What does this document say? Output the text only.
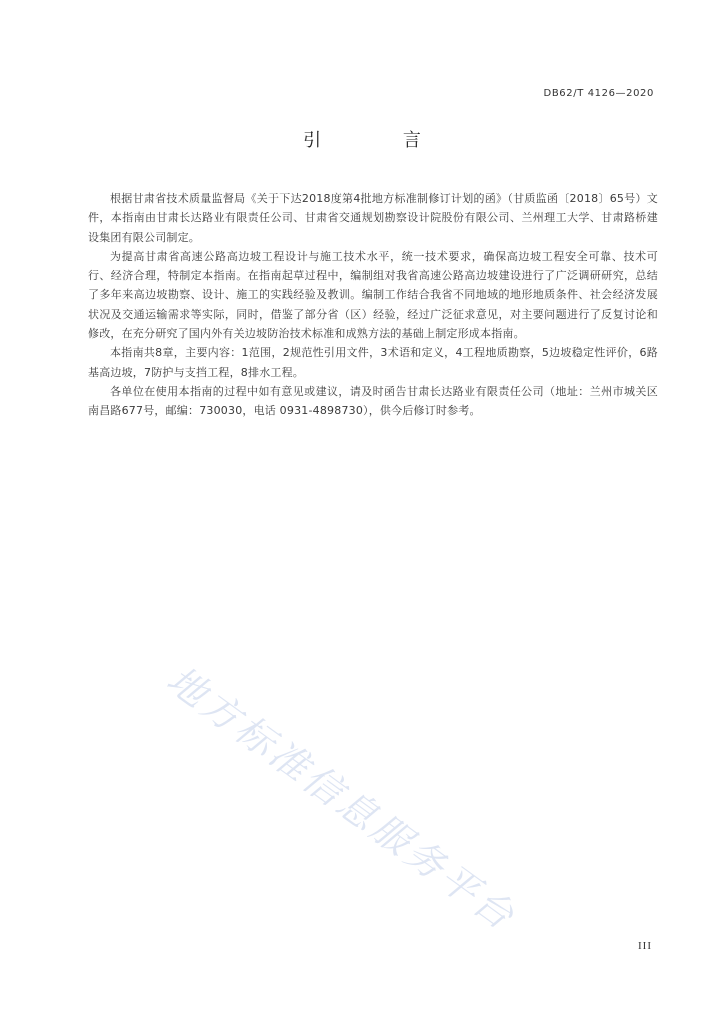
DB62/T 4126—2020
引 言

根据甘肃省技术质量监督局《关于下达2018度第4批地方标准制修订计划的函》（甘质监函〔2018〕65号）文件，本指南由甘肃长达路业有限责任公司、甘肃省交通规划勘察设计院股份有限公司、兰州理工大学、甘肃路桥建设集团有限公司制定。

为提高甘肃省高速公路高边坡工程设计与施工技术水平，统一技术要求，确保高边坡工程安全可靠、技术可行、经济合理，特制定本指南。在指南起草过程中，编制组对我省高速公路高边坡建设进行了广泛调研研究，总结了多年来高边坡勘察、设计、施工的实践经验及教训。编制工作结合我省不同地域的地形地质条件、社会经济发展状况及交通运输需求等实际，同时，借鉴了部分省（区）经验，经过广泛征求意见，对主要问题进行了反复讨论和修改，在充分研究了国内外有关边坡防治技术标准和成熟方法的基础上制定形成本指南。

本指南共8章，主要内容：1范围，2规范性引用文件，3术语和定义，4工程地质勘察，5边坡稳定性评价，6路基高边坡，7防护与支挡工程，8排水工程。

各单位在使用本指南的过程中如有意见或建议，请及时函告甘肃长达路业有限责任公司（地址：兰州市城关区南昌路677号，邮编：730030，电话 0931-4898730），供今后修订时参考。

地方标准信息服务平台
III
